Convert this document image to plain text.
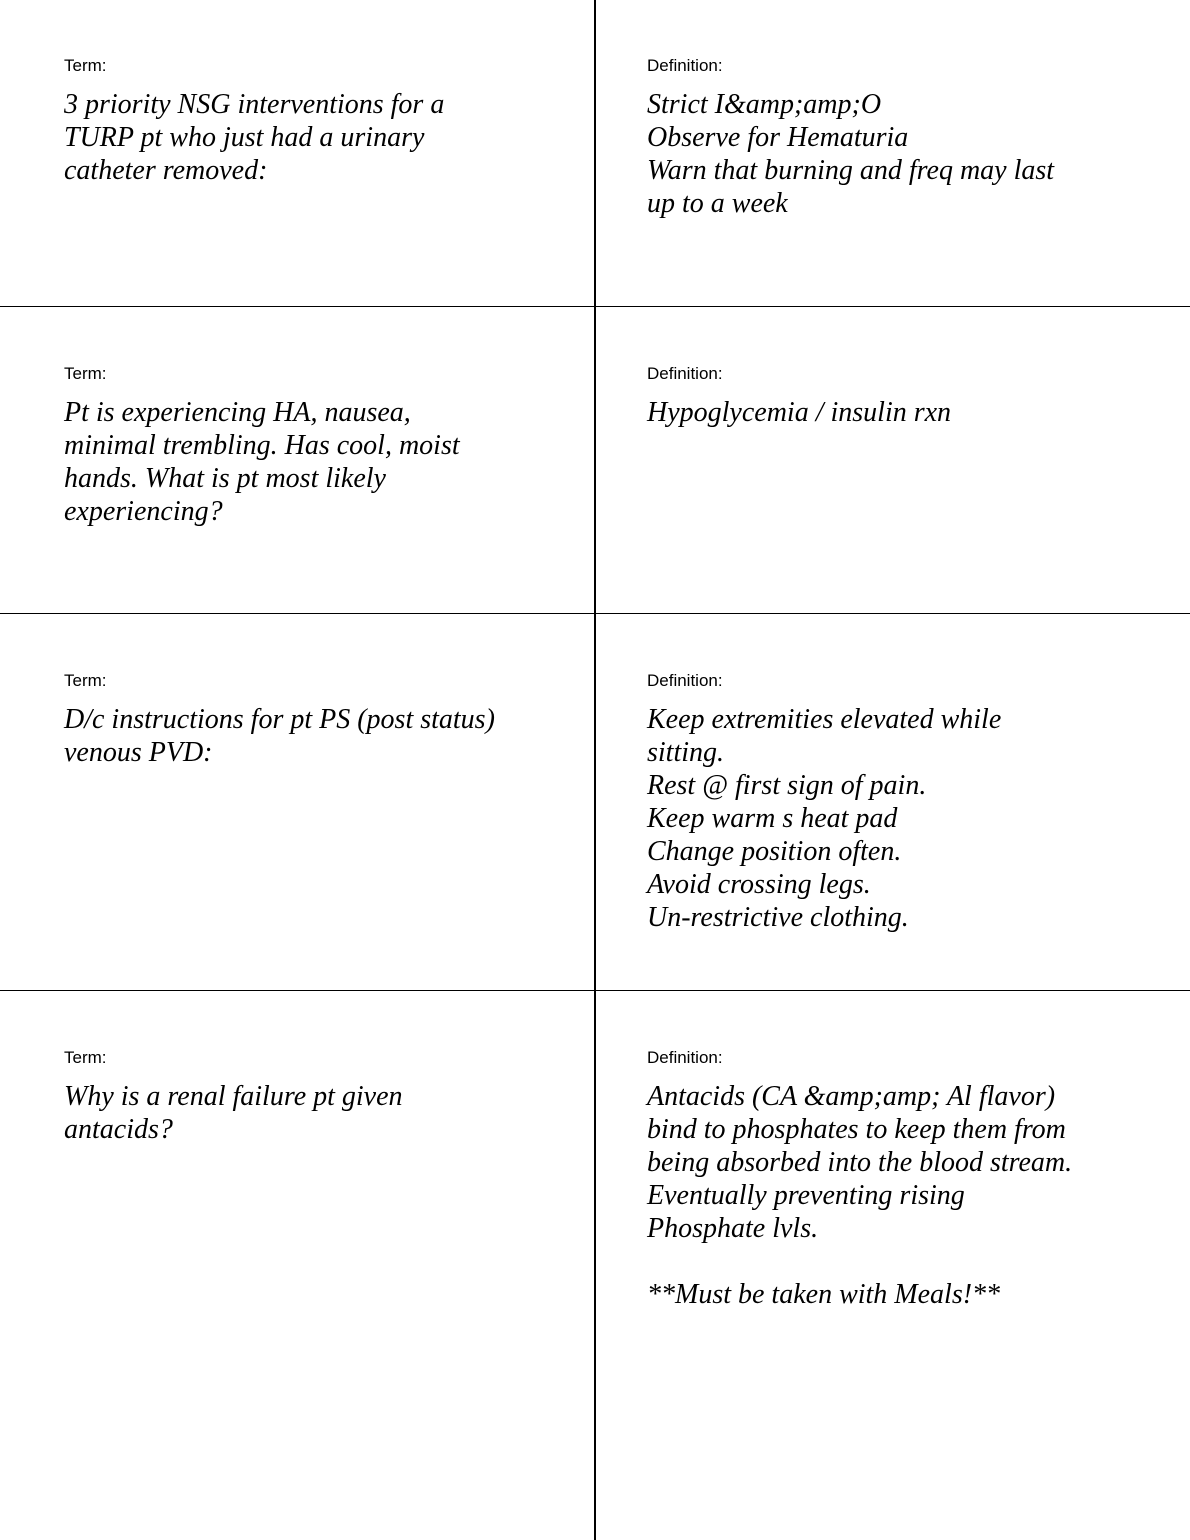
Term:

3 priority NSG interventions for a
TURP pt who just had a urinary
catheter removed:

Definition:

Strict I&amp;amp;O
Observe for Hematuria
Warn that burning and freq may last
up to a week

Term:

Pt is experiencing HA, nausea,
minimal trembling. Has cool, moist
hands. What is pt most likely
experiencing?

Definition:

Hypoglycemia / insulin rxn

Term:

D/c instructions for pt PS (post status)
venous PVD:

Definition:

Keep extremities elevated while
sitting.
Rest @ first sign of pain.
Keep warm s heat pad
Change position often.
Avoid crossing legs.
Un-restrictive clothing.

Term:

Why is a renal failure pt given
antacids?

Definition:

Antacids (CA &amp;amp; Al flavor)
bind to phosphates to keep them from
being absorbed into the blood stream.
Eventually preventing rising
Phosphate lvls.

**Must be taken with Meals!**
